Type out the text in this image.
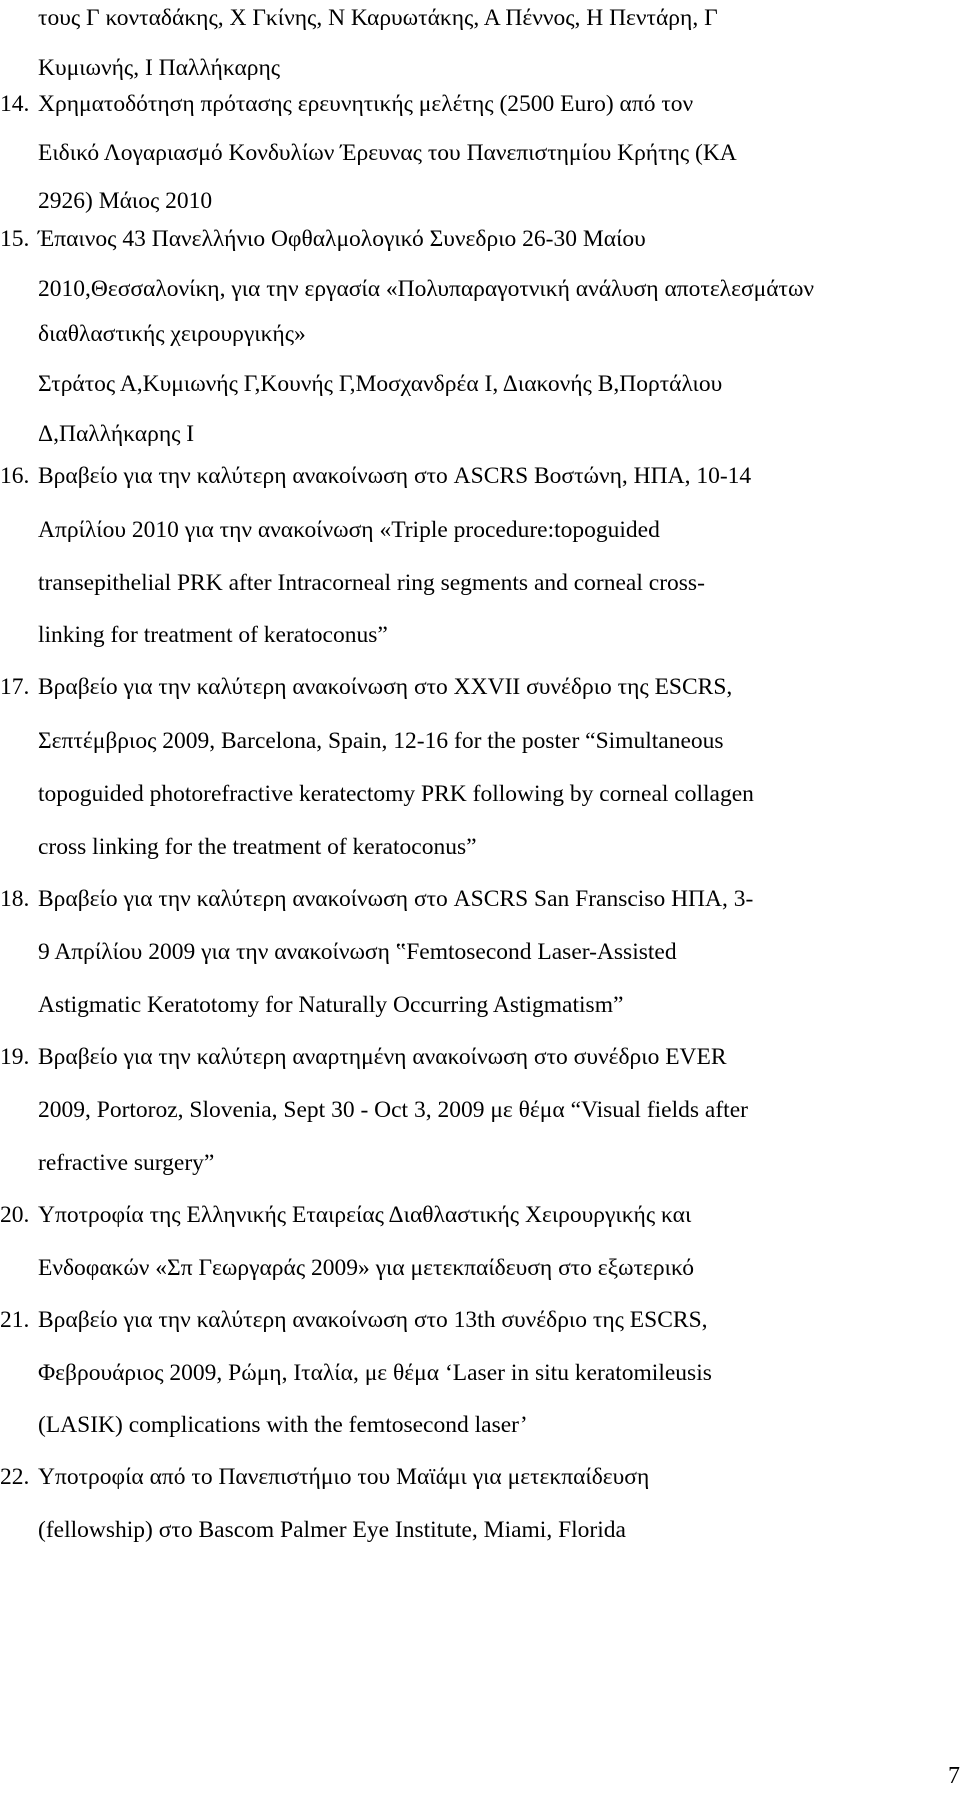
τους Γ κονταδάκης, Χ Γκίνης, Ν Καρυωτάκης, Α Πέννος, Η Πεντάρη, Γ
Κυμιωνής, Ι Παλλήκαρης
14. Χρηματοδότηση πρότασης ερευνητικής μελέτης (2500 Euro) από τον
Ειδικό Λογαριασμό Κονδυλίων Έρευνας του Πανεπιστημίου Κρήτης (ΚΑ
2926) Μάιος 2010
15. Έπαινος 43 Πανελλήνιο Οφθαλμολογικό Συνεδριο 26-30 Μαίου
2010,Θεσσαλονίκη, για την εργασία «Πολυπαραγοτνική ανάλυση αποτελεσμάτων
διαθλαστικής χειρουργικής»
Στράτος Α,Κυμιωνής Γ,Κουνής Γ,Μοσχανδρέα Ι, Διακονής Β,Πορτάλιου
Δ,Παλλήκαρης Ι
16. Βραβείο για την καλύτερη ανακοίνωση στο ASCRS Βοστώνη, ΗΠΑ, 10-14
Απρίλίου 2010 για την ανακοίνωση «Triple procedure:topoguided
transepithelial PRK after Intracorneal ring segments and corneal cross-
linking for treatment of keratoconus”
17. Βραβείο για την καλύτερη ανακοίνωση στο XXVII συνέδριο της ESCRS,
Σεπτέμβριος 2009, Barcelona, Spain, 12-16 for the poster “Simultaneous
topoguided photorefractive keratectomy PRK following by corneal collagen
cross linking for the treatment of keratoconus”
18. Βραβείο για την καλύτερη ανακοίνωση στο ASCRS San Fransciso ΗΠΑ, 3-
9 Απρίλίου 2009 για την ανακοίνωση ‟Femtosecond Laser-Assisted
Astigmatic Keratotomy for Naturally Occurring Astigmatism”
19. Βραβείο για την καλύτερη αναρτημένη ανακοίνωση στο συνέδριο EVER
2009, Portoroz, Slovenia, Sept 30 - Oct 3, 2009 με θέμα “Visual fields after
refractive surgery”
20. Υποτροφία της Ελληνικής Εταιρείας Διαθλαστικής Χειρουργικής και
Ενδοφακών «Σπ Γεωργαράς 2009» για μετεκπαίδευση στο εξωτερικό
21. Βραβείο για την καλύτερη ανακοίνωση στο 13th συνέδριο της ESCRS,
Φεβρουάριος 2009, Ρώμη, Ιταλία, με θέμα ‘Laser in situ keratomileusis
(LASIK) complications with the femtosecond laser’
22. Υποτροφία από το Πανεπιστήμιο του Μαϊάμι για μετεκπαίδευση
(fellowship) στο Bascom Palmer Eye Institute, Miami, Florida
7
